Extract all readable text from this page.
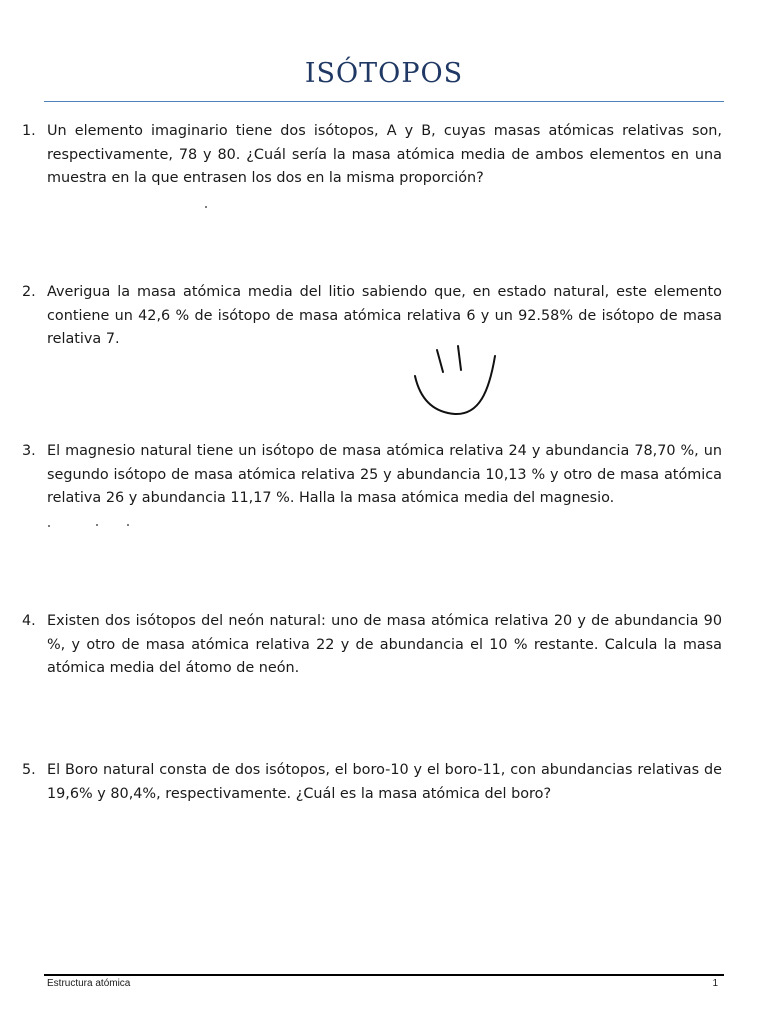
ISÓTOPOS
1. Un elemento imaginario tiene dos isótopos, A y B, cuyas masas atómicas relativas son, respectivamente, 78 y 80. ¿Cuál sería la masa atómica media de ambos elementos en una muestra en la que entrasen los dos en la misma proporción?
2. Averigua la masa atómica media del litio sabiendo que, en estado natural, este elemento contiene un 42,6 % de isótopo de masa atómica relativa 6 y un 92.58% de isótopo de masa relativa 7.
3. El magnesio natural tiene un isótopo de masa atómica relativa 24 y abundancia 78,70 %, un segundo isótopo de masa atómica relativa 25 y abundancia 10,13 % y otro de masa atómica relativa 26 y abundancia 11,17 %. Halla la masa atómica media del magnesio.
4. Existen dos isótopos del neón natural: uno de masa atómica relativa 20 y de abundancia 90 %, y otro de masa atómica relativa 22 y de abundancia el 10 % restante. Calcula la masa atómica media del átomo de neón.
5. El Boro natural consta de dos isótopos, el boro-10 y el boro-11, con abundancias relativas de 19,6% y 80,4%, respectivamente. ¿Cuál es la masa atómica del boro?
Estructura atómica	1
